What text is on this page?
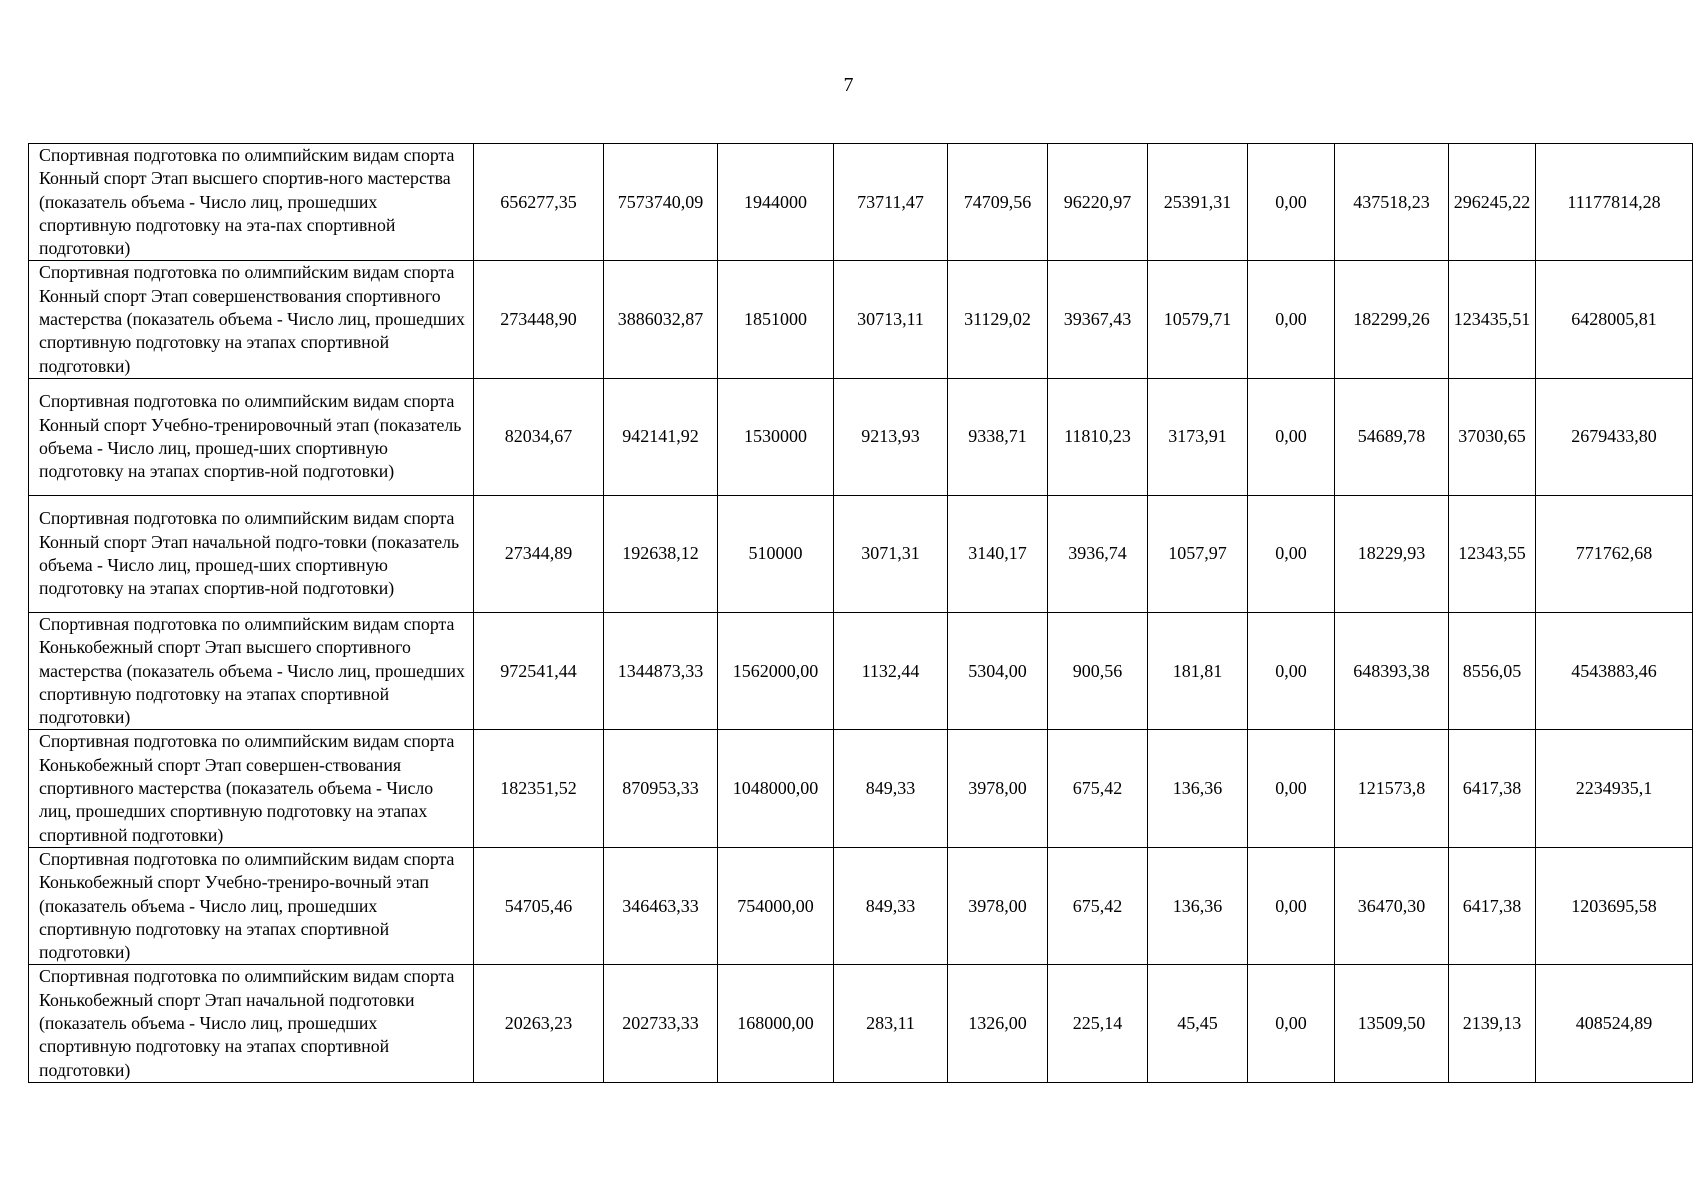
7
Спортивная подготовка по олимпийским видам спорта Конный спорт Этап высшего спортив-ного мастерства (показатель объема - Число лиц, прошедших спортивную подготовку на эта-пах спортивной подготовки)	656277,35	7573740,09	1944000	73711,47	74709,56	96220,97	25391,31	0,00	437518,23	296245,22	11177814,28

Спортивная подготовка по олимпийским видам спорта Конный спорт Этап совершенствования спортивного мастерства (показатель объема - Число лиц, прошедших спортивную подготовку на этапах спортивной подготовки)	273448,90	3886032,87	1851000	30713,11	31129,02	39367,43	10579,71	0,00	182299,26	123435,51	6428005,81

Спортивная подготовка по олимпийским видам спорта Конный спорт Учебно-тренировочный этап (показатель объема - Число лиц, прошед-ших спортивную подготовку на этапах спортив-ной подготовки)	82034,67	942141,92	1530000	9213,93	9338,71	11810,23	3173,91	0,00	54689,78	37030,65	2679433,80

Спортивная подготовка по олимпийским видам спорта Конный спорт Этап начальной подго-товки (показатель объема - Число лиц, прошед-ших спортивную подготовку на этапах спортив-ной подготовки)	27344,89	192638,12	510000	3071,31	3140,17	3936,74	1057,97	0,00	18229,93	12343,55	771762,68

Спортивная подготовка по олимпийским видам спорта Конькобежный спорт Этап высшего спортивного мастерства (показатель объема - Число лиц, прошедших спортивную подготовку на этапах спортивной подготовки)	972541,44	1344873,33	1562000,00	1132,44	5304,00	900,56	181,81	0,00	648393,38	8556,05	4543883,46

Спортивная подготовка по олимпийским видам спорта Конькобежный спорт Этап совершен-ствования спортивного мастерства (показатель объема - Число лиц, прошедших спортивную подготовку на этапах спортивной подготовки)	182351,52	870953,33	1048000,00	849,33	3978,00	675,42	136,36	0,00	121573,8	6417,38	2234935,1

Спортивная подготовка по олимпийским видам спорта Конькобежный спорт Учебно-трениро-вочный этап (показатель объема - Число лиц, прошедших спортивную подготовку на этапах спортивной подготовки)	54705,46	346463,33	754000,00	849,33	3978,00	675,42	136,36	0,00	36470,30	6417,38	1203695,58

Спортивная подготовка по олимпийским видам спорта Конькобежный спорт Этап начальной подготовки (показатель объема - Число лиц, прошедших спортивную подготовку на этапах спортивной подготовки)	20263,23	202733,33	168000,00	283,11	1326,00	225,14	45,45	0,00	13509,50	2139,13	408524,89
